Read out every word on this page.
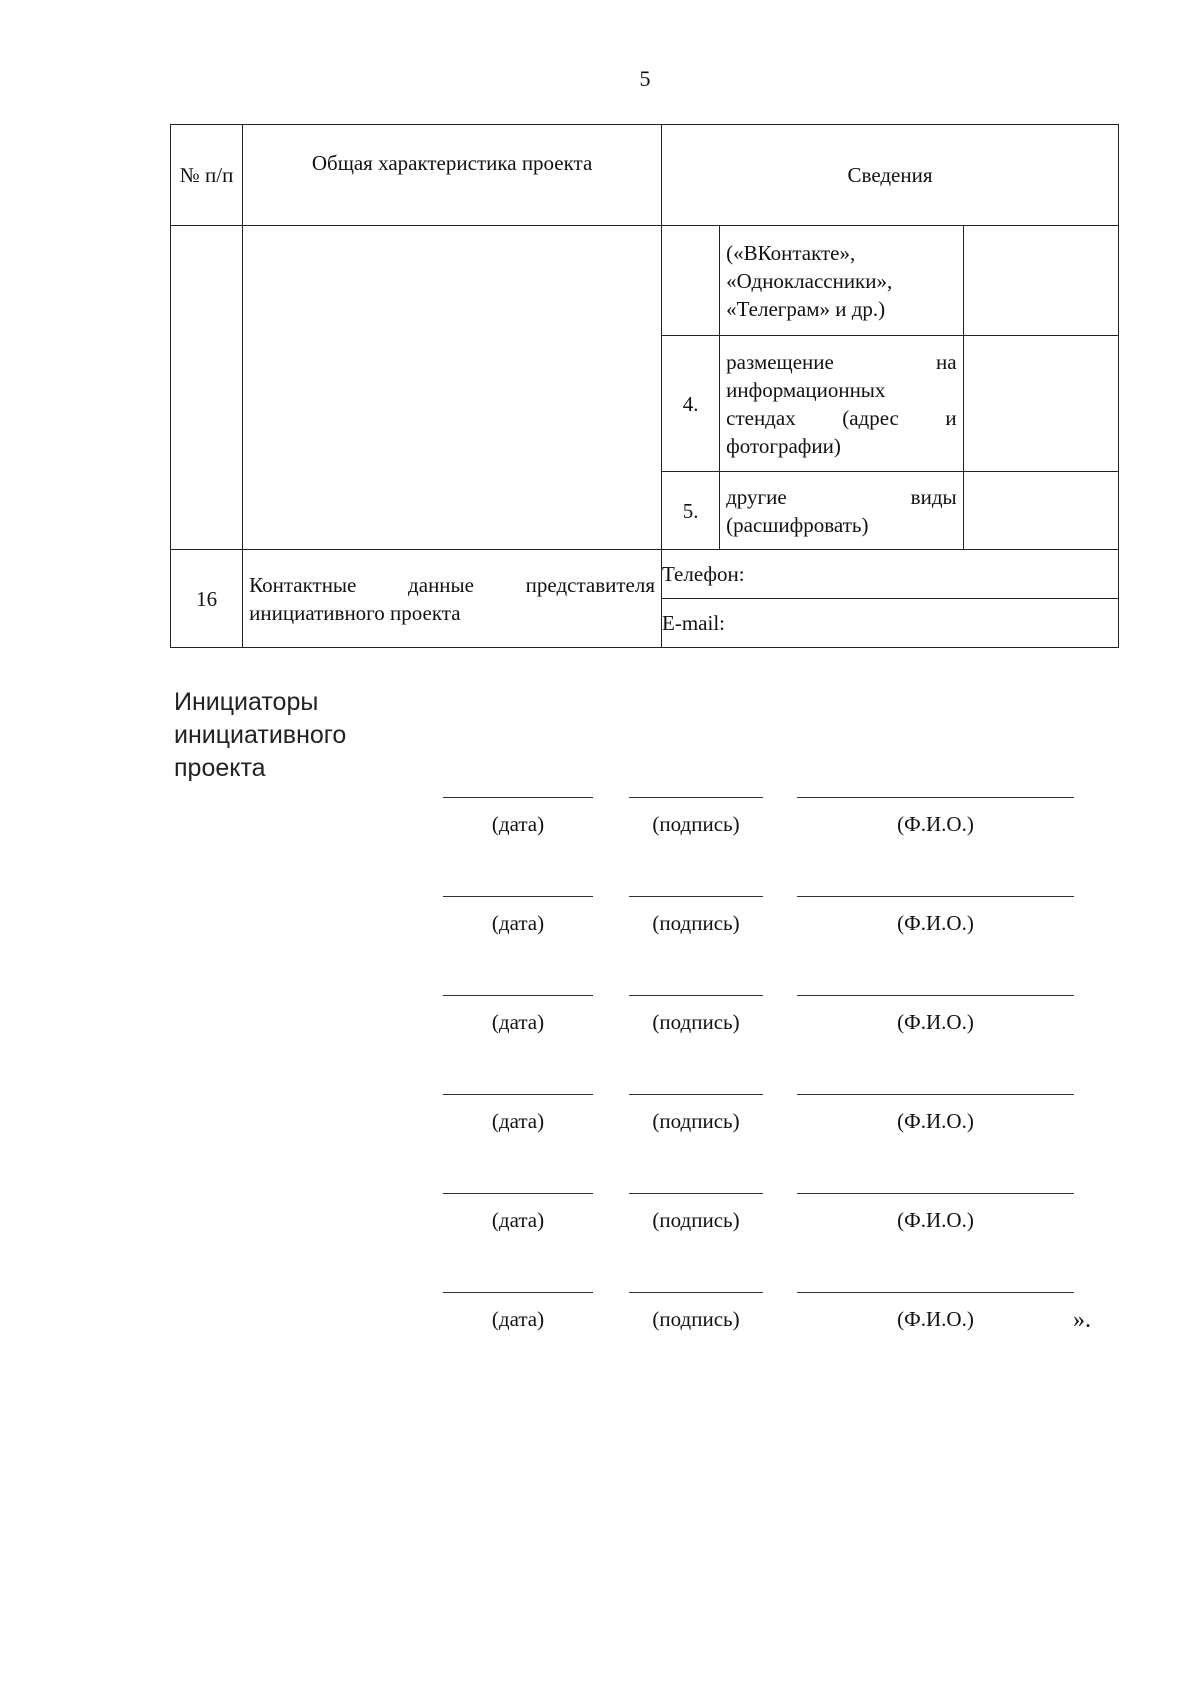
5
№ п/п	Общая характеристика проекта	Сведения		

			(«ВКонтакте», «Одноклассники», «Телеграм» и др.)	

		4.	размещение на информационных стендах (адрес и фотографии)	

		5.	другие виды (расшифровать)	

16	Контактные данные представителя инициативного проекта	Телефон:		
		E-mail:		
Инициаторы инициативного проекта
(дата)	(подпись)	(Ф.И.О.)
(дата)	(подпись)	(Ф.И.О.)
(дата)	(подпись)	(Ф.И.О.)
(дата)	(подпись)	(Ф.И.О.)
(дата)	(подпись)	(Ф.И.О.)
(дата)	(подпись)	(Ф.И.О.)	».
